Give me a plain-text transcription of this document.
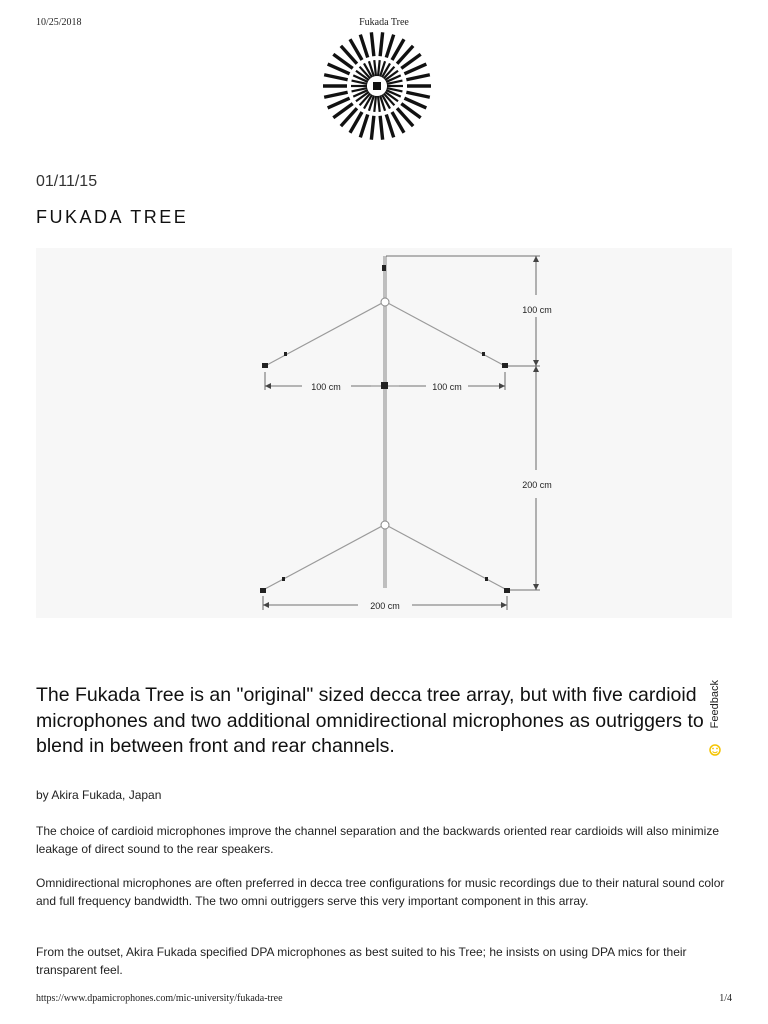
10/25/2018	Fukada Tree
01/11/15
FUKADA TREE
100 cm
100 cm	100 cm
200 cm
200 cm

The Fukada Tree is an "original" sized decca tree array, but with five cardioid microphones and two additional omnidirectional microphones as outriggers to blend in between front and rear channels.

Feedback

by Akira Fukada, Japan

The choice of cardioid microphones improve the channel separation and the backwards oriented rear cardioids will also minimize leakage of direct sound to the rear speakers.

Omnidirectional microphones are often preferred in decca tree configurations for music recordings due to their natural sound color and full frequency bandwidth. The two omni outriggers serve this very important component in this array.

From the outset, Akira Fukada specified DPA microphones as best suited to his Tree; he insists on using DPA mics for their transparent feel.

https://www.dpamicrophones.com/mic-university/fukada-tree	1/4
